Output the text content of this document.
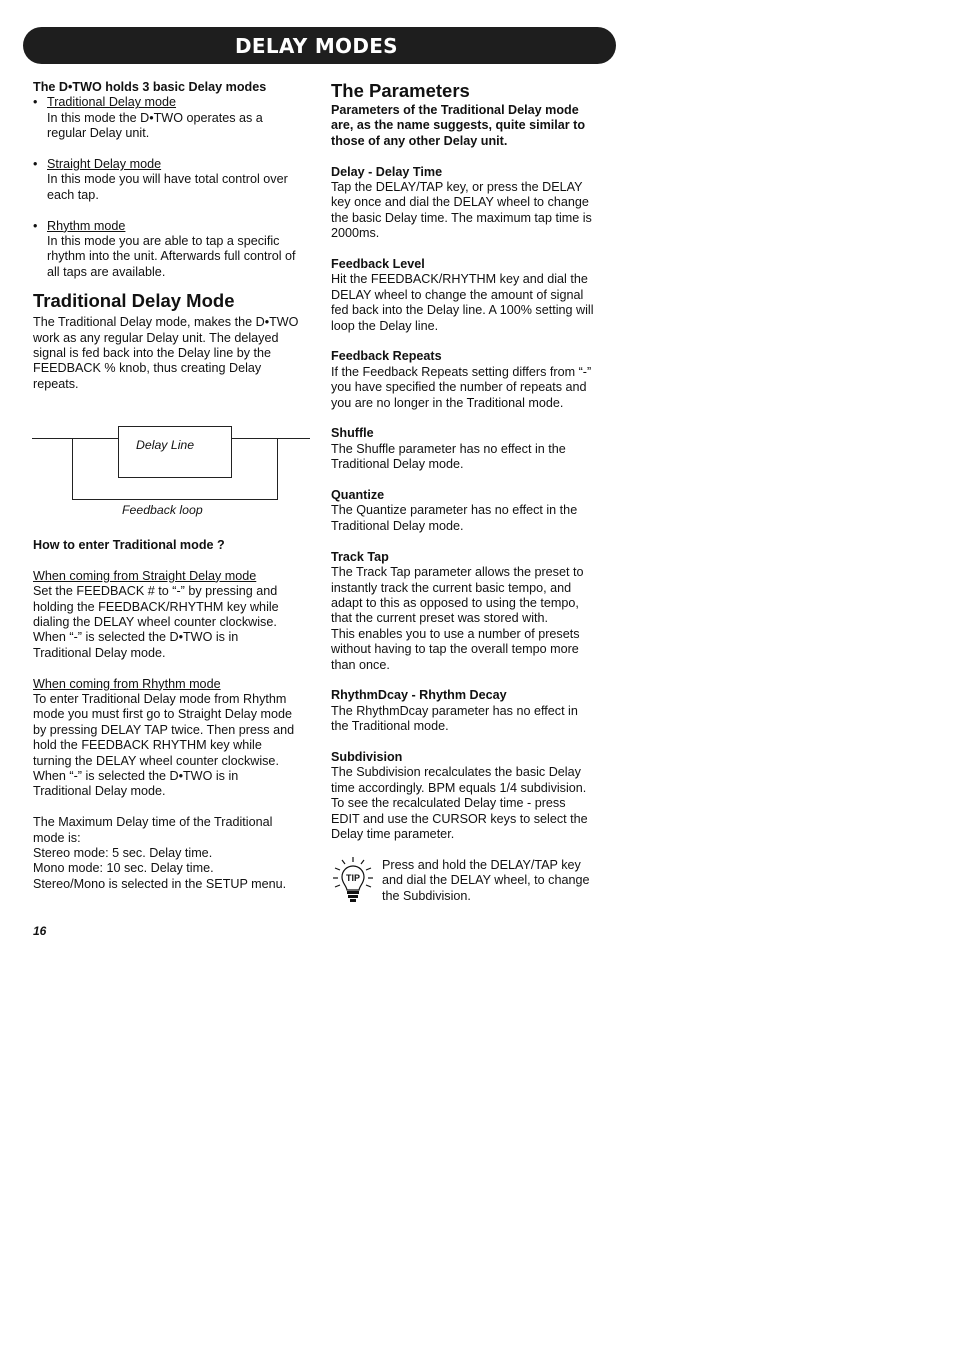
DELAY MODES

The D•TWO holds 3 basic Delay modes

• Traditional Delay mode

In this mode the D•TWO operates as a

regular Delay unit.

• Straight Delay mode

In this mode you will have total control over

each tap.

• Rhythm mode

In this mode you are able to tap a specific

rhythm into the unit. Afterwards full control of

all taps are available.

Traditional Delay Mode

The Traditional Delay mode, makes the D•TWO

work as any regular Delay unit. The delayed

signal is fed back into the Delay line by the

FEEDBACK % knob, thus creating Delay

repeats.

Delay Line
Feedback loop

How to enter Traditional mode ?

When coming from Straight Delay mode

Set the FEEDBACK # to “-” by pressing and

holding the FEEDBACK/RHYTHM key while

dialing the DELAY wheel counter clockwise.

When “-” is selected the D•TWO is in

Traditional Delay mode.

When coming from Rhythm mode

To enter Traditional Delay mode from Rhythm

mode you must first go to Straight Delay mode

by pressing DELAY TAP twice. Then press and

hold the FEEDBACK RHYTHM key while

turning the DELAY wheel counter clockwise.

When “-” is selected the D•TWO is in

Traditional Delay mode.

The Maximum Delay time of the Traditional

mode is:

Stereo mode: 5 sec. Delay time.

Mono mode: 10 sec. Delay time.

Stereo/Mono is selected in the SETUP menu.

The Parameters

Parameters of the Traditional Delay mode

are, as the name suggests, quite similar to

those of any other Delay unit.

Delay - Delay Time

Tap the DELAY/TAP key, or press the DELAY

key once and dial the DELAY wheel to change

the basic Delay time. The maximum tap time is

2000ms.

Feedback Level

Hit the FEEDBACK/RHYTHM key and dial the

DELAY wheel to change the amount of signal

fed back into the Delay line. A 100% setting will

loop the Delay line.

Feedback Repeats

If the Feedback Repeats setting differs from “-”

you have specified the number of repeats and

you are no longer in the Traditional mode.

Shuffle

The Shuffle parameter has no effect in the

Traditional Delay mode.

Quantize

The Quantize parameter has no effect in the

Traditional Delay mode.

Track Tap

The Track Tap parameter allows the preset to

instantly track the current basic tempo, and

adapt to this as opposed to using the tempo,

that the current preset was stored with.

This enables you to use a number of presets

without having to tap the overall tempo more

than once.

RhythmDcay - Rhythm Decay

The RhythmDcay parameter has no effect in

the Traditional mode.

Subdivision

The Subdivision recalculates the basic Delay

time accordingly. BPM equals 1/4 subdivision.

To see the recalculated Delay time - press

EDIT and use the CURSOR keys to select the

Delay time parameter.

TIP

Press and hold the DELAY/TAP key

and dial the DELAY wheel, to change

the Subdivision.

16
